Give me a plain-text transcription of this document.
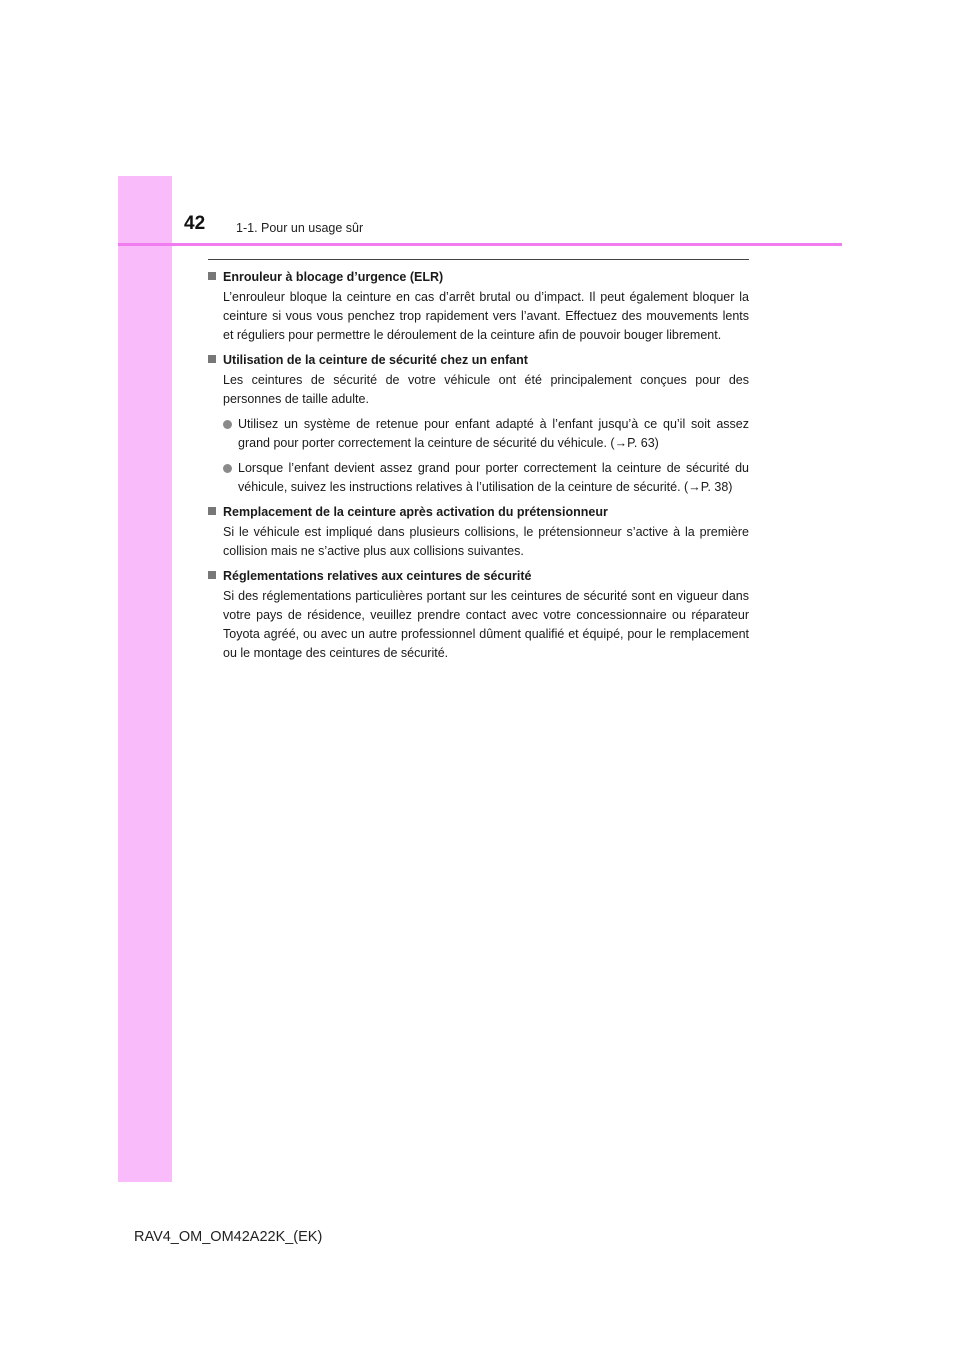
42 1-1. Pour un usage sûr
Enrouleur à blocage d’urgence (ELR)
L’enrouleur bloque la ceinture en cas d’arrêt brutal ou d’impact. Il peut également bloquer la ceinture si vous vous penchez trop rapidement vers l’avant. Effectuez des mouvements lents et réguliers pour permettre le déroulement de la ceinture afin de pouvoir bouger librement.
Utilisation de la ceinture de sécurité chez un enfant
Les ceintures de sécurité de votre véhicule ont été principalement conçues pour des personnes de taille adulte.
Utilisez un système de retenue pour enfant adapté à l’enfant jusqu’à ce qu’il soit assez grand pour porter correctement la ceinture de sécurité du véhicule. (→P. 63)
Lorsque l’enfant devient assez grand pour porter correctement la ceinture de sécurité du véhicule, suivez les instructions relatives à l’utilisation de la ceinture de sécurité. (→P. 38)
Remplacement de la ceinture après activation du prétensionneur
Si le véhicule est impliqué dans plusieurs collisions, le prétensionneur s’active à la première collision mais ne s’active plus aux collisions suivantes.
Réglementations relatives aux ceintures de sécurité
Si des réglementations particulières portant sur les ceintures de sécurité sont en vigueur dans votre pays de résidence, veuillez prendre contact avec votre concessionnaire ou réparateur Toyota agréé, ou avec un autre professionnel dûment qualifié et équipé, pour le remplacement ou le montage des ceintures de sécurité.
RAV4_OM_OM42A22K_(EK)
